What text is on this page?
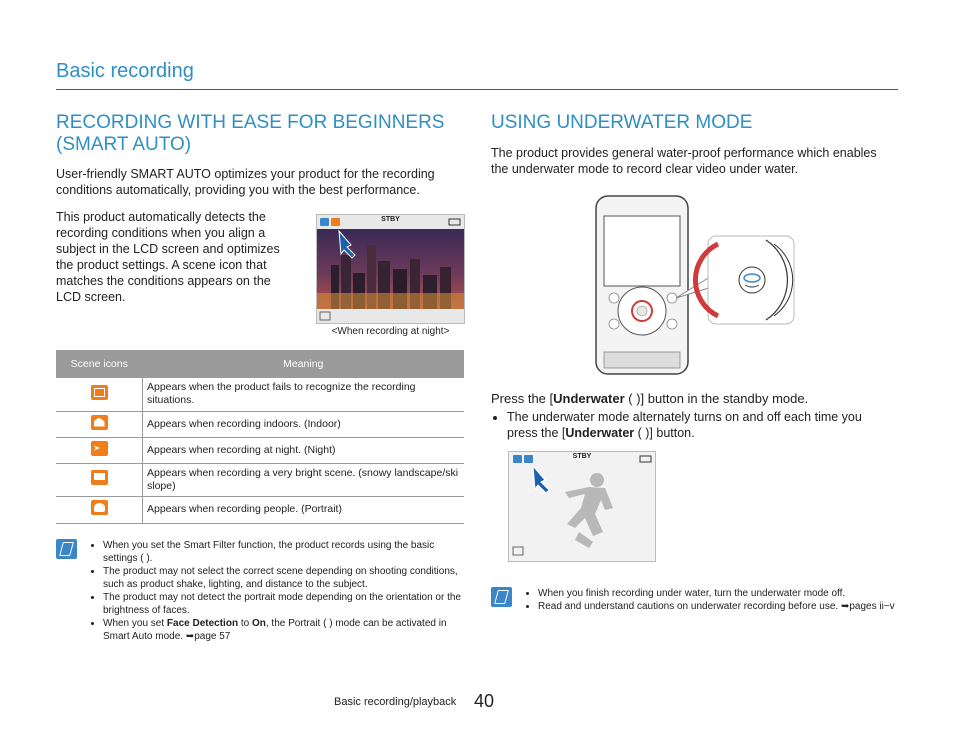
Basic recording
RECORDING WITH EASE FOR BEGINNERS (SMART AUTO)

User-friendly SMART AUTO optimizes your product for the recording conditions automatically, providing you with the best performance.

This product automatically detects the recording conditions when you align a subject in the LCD screen and optimizes the product settings. A scene icon that matches the conditions appears on the LCD screen.

STBY
<When recording at night>
Scene icons	Meaning

	Appears when the product fails to recognize the recording situations.

	Appears when recording indoors. (Indoor)

	Appears when recording at night. (Night)

	Appears when recording a very bright scene. (snowy landscape/ski slope)

	Appears when recording people. (Portrait)
• When you set the Smart Filter function, the product records using the basic settings ( ).
• The product may not select the correct scene depending on shooting conditions, such as product shake, lighting, and distance to the subject.
• The product may not detect the portrait mode depending on the orientation or the brightness of faces.
• When you set Face Detection to On, the Portrait ( ) mode can be activated in Smart Auto mode. ➥page 57
USING UNDERWATER MODE

The product provides general water-proof performance which enables the underwater mode to record clear video under water.

Press the [Underwater ( )] button in the standby mode.
• The underwater mode alternately turns on and off each time you press the [Underwater ( )] button.
STBY
• When you finish recording under water, turn the underwater mode off.
• Read and understand cautions on underwater recording before use. ➥pages ii~v
Basic recording/playback 40
